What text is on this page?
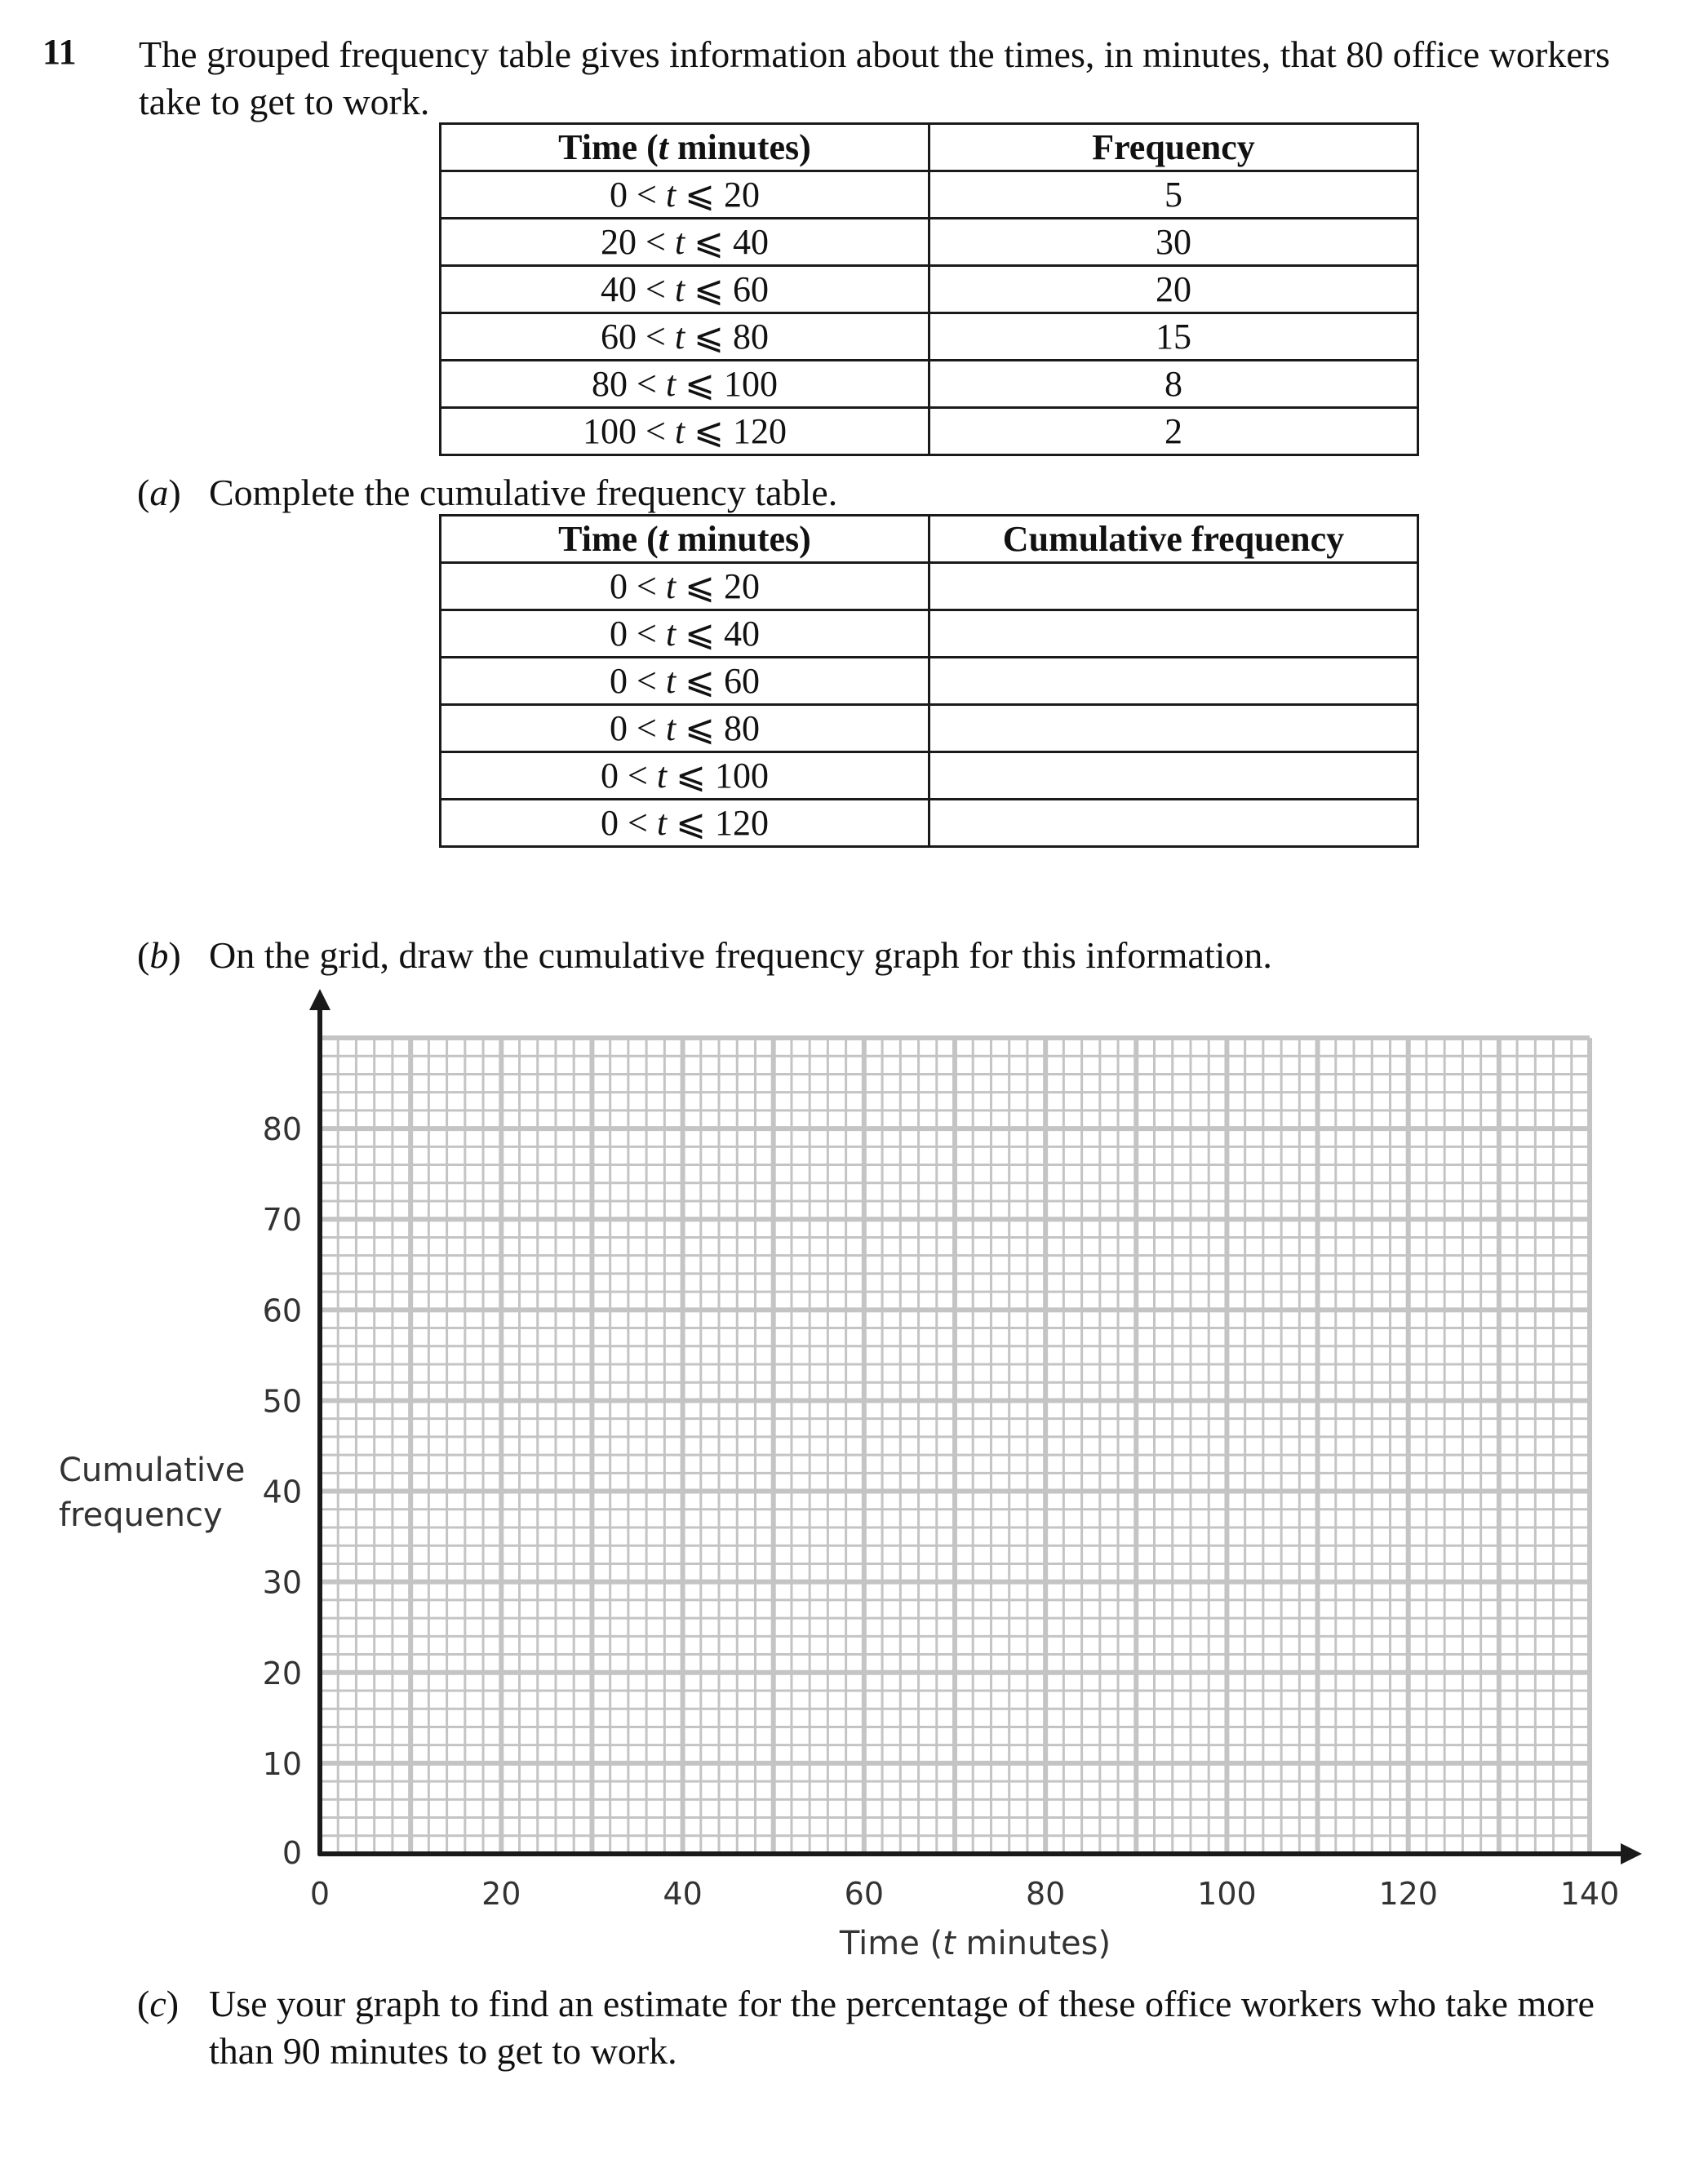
11 The grouped frequency table gives information about the times, in minutes, that 80 office workers take to get to work.
Time (t minutes)	Frequency
0 < t ⩽ 20	5
20 < t ⩽ 40	30
40 < t ⩽ 60	20
60 < t ⩽ 80	15
80 < t ⩽ 100	8
100 < t ⩽ 120	2
(a) Complete the cumulative frequency table.
Time (t minutes)	Cumulative frequency
0 < t ⩽ 20	
0 < t ⩽ 40	
0 < t ⩽ 60	
0 < t ⩽ 80	
0 < t ⩽ 100	
0 < t ⩽ 120	
(b) On the grid, draw the cumulative frequency graph for this information.
0	20	40	60	80	100	120	140
0
10
20
30
40
50
60
70
80
Cumulative
frequency
Time (t minutes)
(c) Use your graph to find an estimate for the percentage of these office workers who take more than 90 minutes to get to work.
